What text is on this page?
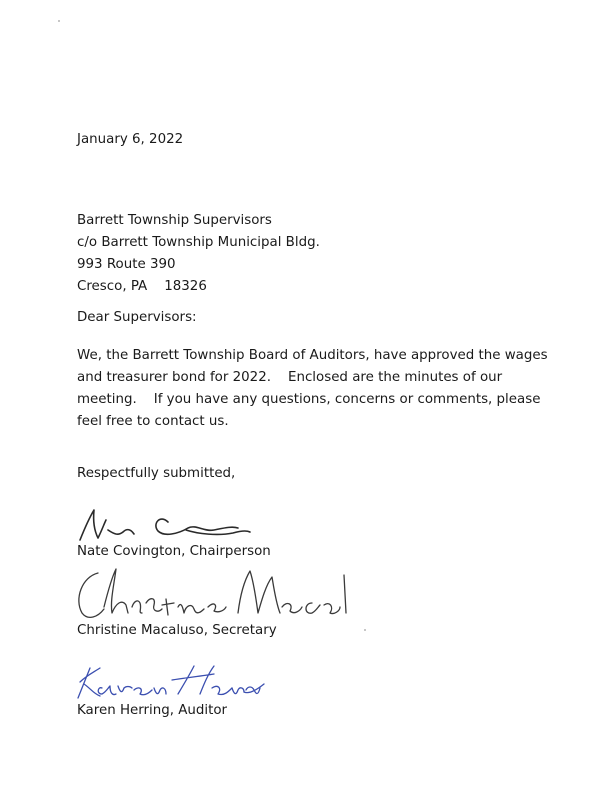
January 6, 2022
Barrett Township Supervisors
c/o Barrett Township Municipal Bldg.
993 Route 390
Cresco, PA    18326
Dear Supervisors:
We, the Barrett Township Board of Auditors, have approved the wages
and treasurer bond for 2022.    Enclosed are the minutes of our
meeting.    If you have any questions, concerns or comments, please
feel free to contact us.
Respectfully submitted,
Nate Covington, Chairperson
Christine Macaluso, Secretary
Karen Herring, Auditor
